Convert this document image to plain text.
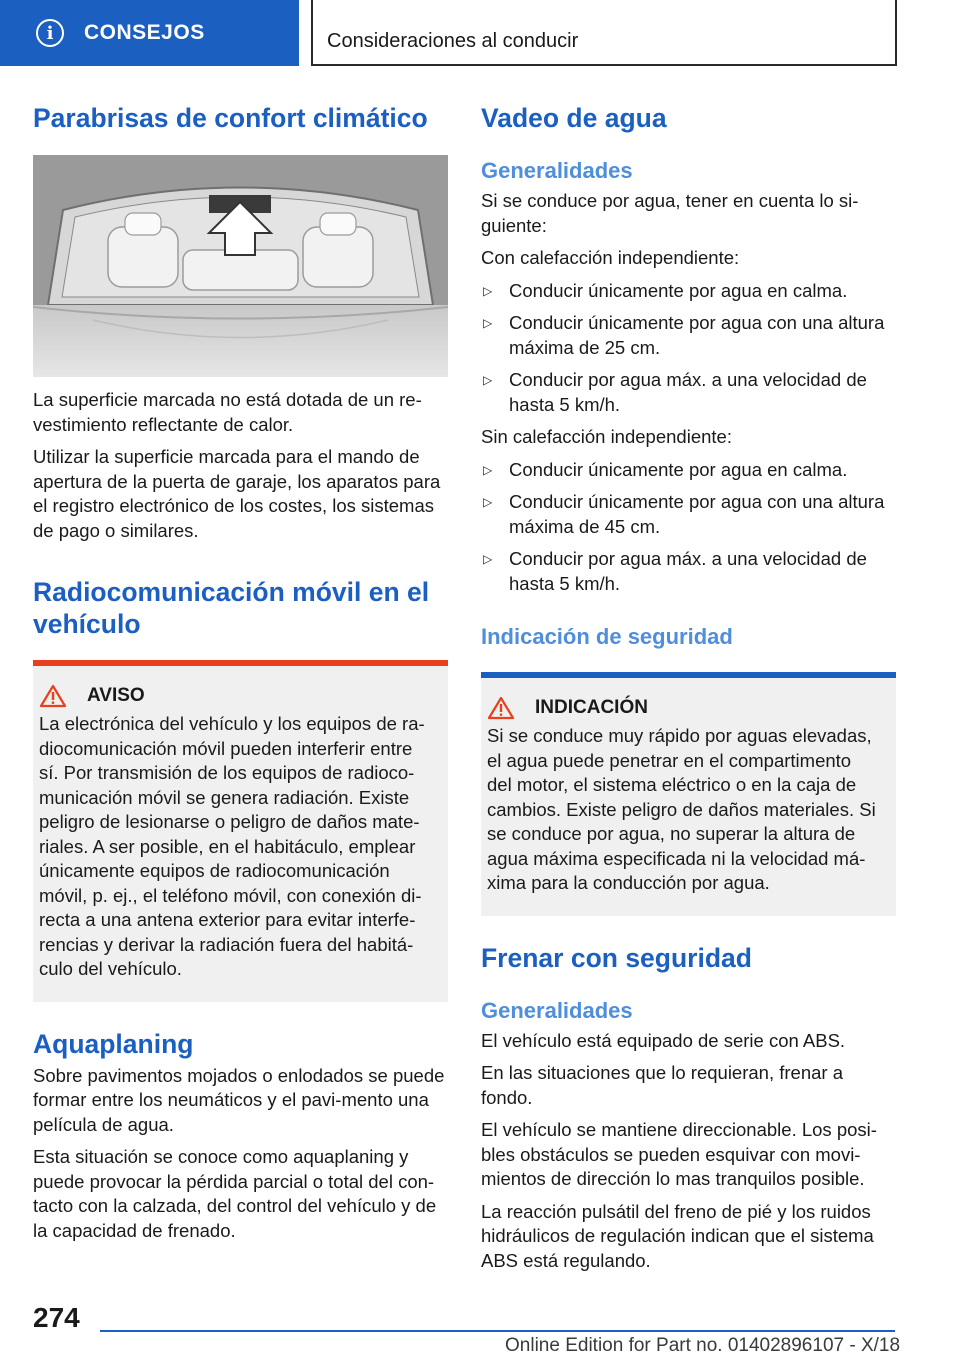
i	CONSEJOS	Consideraciones al conducir
Parabrisas de confort climático

La superficie marcada no está dotada de un re-vestimiento reflectante de calor.

Utilizar la superficie marcada para el mando de apertura de la puerta de garaje, los aparatos para el registro electrónico de los costes, los sistemas de pago o similares.

Radiocomunicación móvil en el vehículo
AVISO

La electrónica del vehículo y los equipos de ra-diocomunicación móvil pueden interferir entre sí. Por transmisión de los equipos de radioco-municación móvil se genera radiación. Existe peligro de lesionarse o peligro de daños mate-riales. A ser posible, en el habitáculo, emplear únicamente equipos de radiocomunicación móvil, p. ej., el teléfono móvil, con conexión di-recta a una antena exterior para evitar interfe-rencias y derivar la radiación fuera del habitá-culo del vehículo.

Aquaplaning

Sobre pavimentos mojados o enlodados se puede formar entre los neumáticos y el pavi-mento una película de agua.

Esta situación se conoce como aquaplaning y puede provocar la pérdida parcial o total del con-tacto con la calzada, del control del vehículo y de la capacidad de frenado.

Vadeo de agua
Generalidades

Si se conduce por agua, tener en cuenta lo si-guiente:

Con calefacción independiente:

▷ Conducir únicamente por agua en calma.
▷ Conducir únicamente por agua con una altura máxima de 25 cm.
▷ Conducir por agua máx. a una velocidad de hasta 5 km/h.

Sin calefacción independiente:

▷ Conducir únicamente por agua en calma.
▷ Conducir únicamente por agua con una altura máxima de 45 cm.
▷ Conducir por agua máx. a una velocidad de hasta 5 km/h.
Indicación de seguridad
INDICACIÓN

Si se conduce muy rápido por aguas elevadas, el agua puede penetrar en el compartimento del motor, el sistema eléctrico o en la caja de cambios. Existe peligro de daños materiales. Si se conduce por agua, no superar la altura de agua máxima especificada ni la velocidad má-xima para la conducción por agua.

Frenar con seguridad
Generalidades

El vehículo está equipado de serie con ABS.

En las situaciones que lo requieran, frenar a fondo.

El vehículo se mantiene direccionable. Los posi-bles obstáculos se pueden esquivar con movi-mientos de dirección lo mas tranquilos posible.

La reacción pulsátil del freno de pié y los ruidos hidráulicos de regulación indican que el sistema ABS está regulando.

274
Online Edition for Part no. 01402896107 - X/18
